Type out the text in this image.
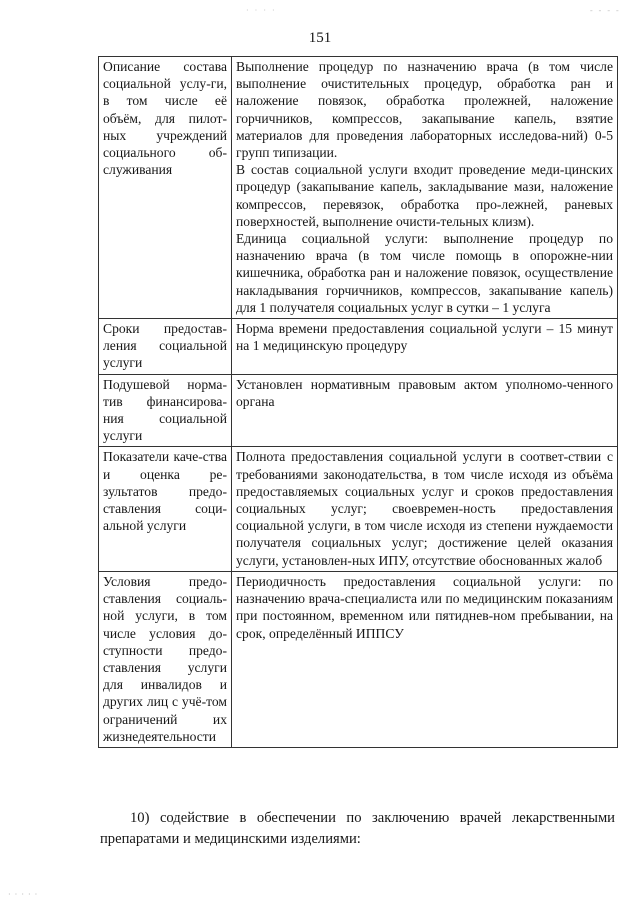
· · · ·	- - - -
151
Описание состава социальной услу-ги, в том числе её объём, для пилот-ных учреждений социального об-служивания	Выполнение процедур по назначению врача (в том числе выполнение очистительных процедур, обработка ран и наложение повязок, обработка пролежней, наложение горчичников, компрессов, закапывание капель, взятие материалов для проведения лабораторных исследова-ний) 0-5 групп типизации.
В состав социальной услуги входит проведение меди-цинских процедур (закапывание капель, закладывание мази, наложение компрессов, перевязок, обработка про-лежней, раневых поверхностей, выполнение очисти-тельных клизм).
Единица социальной услуги: выполнение процедур по назначению врача (в том числе помощь в опорожне-нии кишечника, обработка ран и наложение повязок, осуществление накладывания горчичников, компрессов, закапывание капель) для 1 получателя социальных услуг в сутки – 1 услуга

Сроки предостав-ления социальной услуги	Норма времени предоставления социальной услуги – 15 минут на 1 медицинскую процедуру

Подушевой норма-тив финансирова-ния социальной услуги	Установлен нормативным правовым актом уполномо-ченного органа

Показатели каче-ства и оценка ре-зультатов предо-ставления соци-альной услуги	Полнота предоставления социальной услуги в соответ-ствии с требованиями законодательства, в том числе исходя из объёма предоставляемых социальных услуг и сроков предоставления социальных услуг; своевремен-ность предоставления социальной услуги, в том числе исходя из степени нуждаемости получателя социальных услуг; достижение целей оказания услуги, установлен-ных ИПУ, отсутствие обоснованных жалоб

Условия предо-ставления социаль-ной услуги, в том числе условия до-ступности предо-ставления услуги для инвалидов и других лиц с учё-том ограничений их жизнедеятельности	Периодичность предоставления социальной услуги: по назначению врача-специалиста или по медицинским показаниям при постоянном, временном или пятиднев-ном пребывании, на срок, определённый ИППСУ
10) содействие в обеспечении по заключению врачей лекарственными препаратами и медицинскими изделиями:
· · · · ·
